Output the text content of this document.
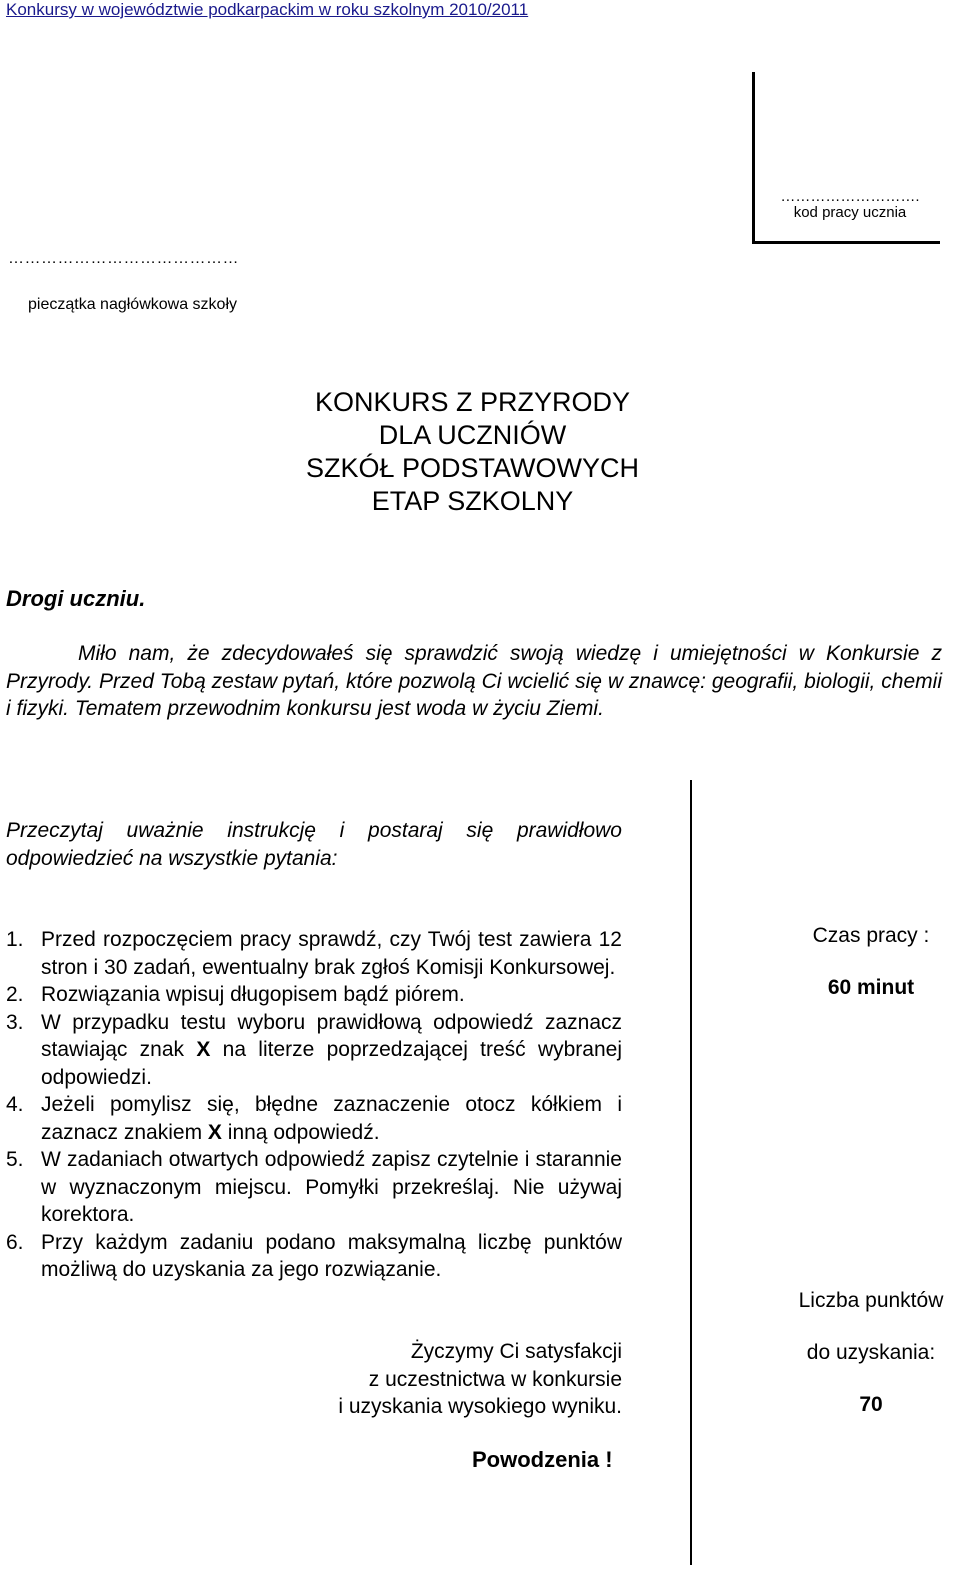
Konkursy w województwie podkarpackim w roku szkolnym 2010/2011
……………………….
kod pracy ucznia
……………………………………
pieczątka nagłówkowa szkoły
KONKURS Z PRZYRODY
DLA UCZNIÓW
SZKÓŁ PODSTAWOWYCH
ETAP SZKOLNY
Drogi uczniu.
Miło nam, że zdecydowałeś się sprawdzić swoją wiedzę i umiejętności w Konkursie z Przyrody. Przed Tobą zestaw pytań, które pozwolą Ci wcielić się w znawcę: geografii, biologii, chemii i fizyki. Tematem przewodnim konkursu jest woda w życiu Ziemi.
Przeczytaj uważnie instrukcję i postaraj się prawidłowo odpowiedzieć na wszystkie pytania:
1. Przed rozpoczęciem pracy sprawdź, czy Twój test zawiera 12 stron i 30 zadań, ewentualny brak zgłoś Komisji Konkursowej.
2. Rozwiązania wpisuj długopisem bądź piórem.
3. W przypadku testu wyboru prawidłową odpowiedź zaznacz stawiając znak X na literze poprzedzającej treść wybranej odpowiedzi.
4. Jeżeli pomylisz się, błędne zaznaczenie otocz kółkiem i zaznacz znakiem X inną odpowiedź.
5. W zadaniach otwartych odpowiedź zapisz czytelnie i starannie w wyznaczonym miejscu. Pomyłki przekreślaj. Nie używaj korektora.
6. Przy każdym zadaniu podano maksymalną liczbę punktów możliwą do uzyskania za jego rozwiązanie.
Życzymy Ci satysfakcji
z uczestnictwa w konkursie
i uzyskania wysokiego wyniku.
Powodzenia !
Czas pracy :
60 minut
Liczba punktów
do uzyskania:
70
